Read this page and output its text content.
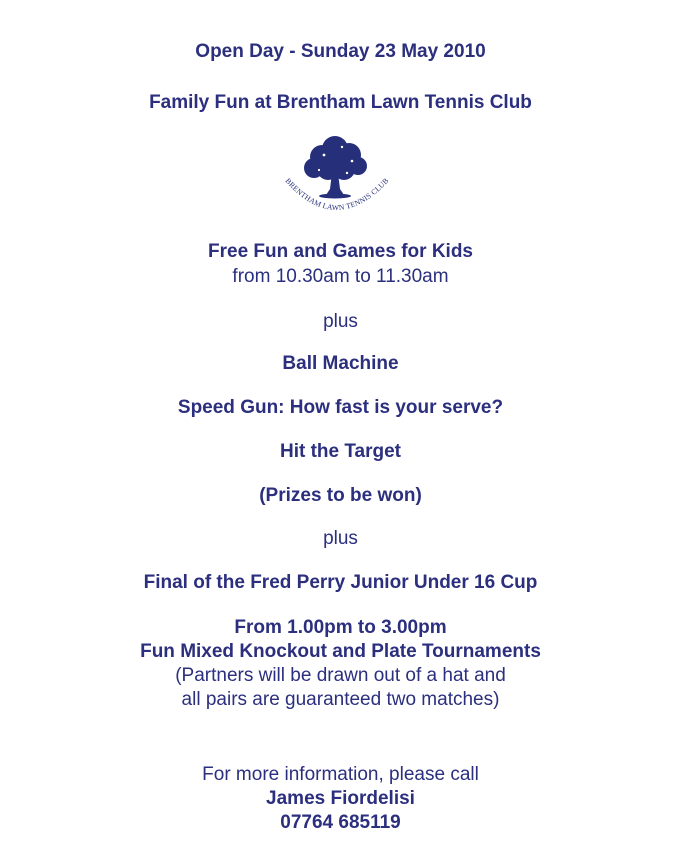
Open Day - Sunday 23 May 2010
Family Fun at Brentham Lawn Tennis Club
BRENTHAM LAWN TENNIS CLUB
Free Fun and Games for Kids
from 10.30am to 11.30am
plus
Ball Machine
Speed Gun: How fast is your serve?
Hit the Target
(Prizes to be won)
plus
Final of the Fred Perry Junior Under 16 Cup
From 1.00pm to 3.00pm
Fun Mixed Knockout and Plate Tournaments
(Partners will be drawn out of a hat and
all pairs are guaranteed two matches)
For more information, please call
James Fiordelisi
07764 685119
